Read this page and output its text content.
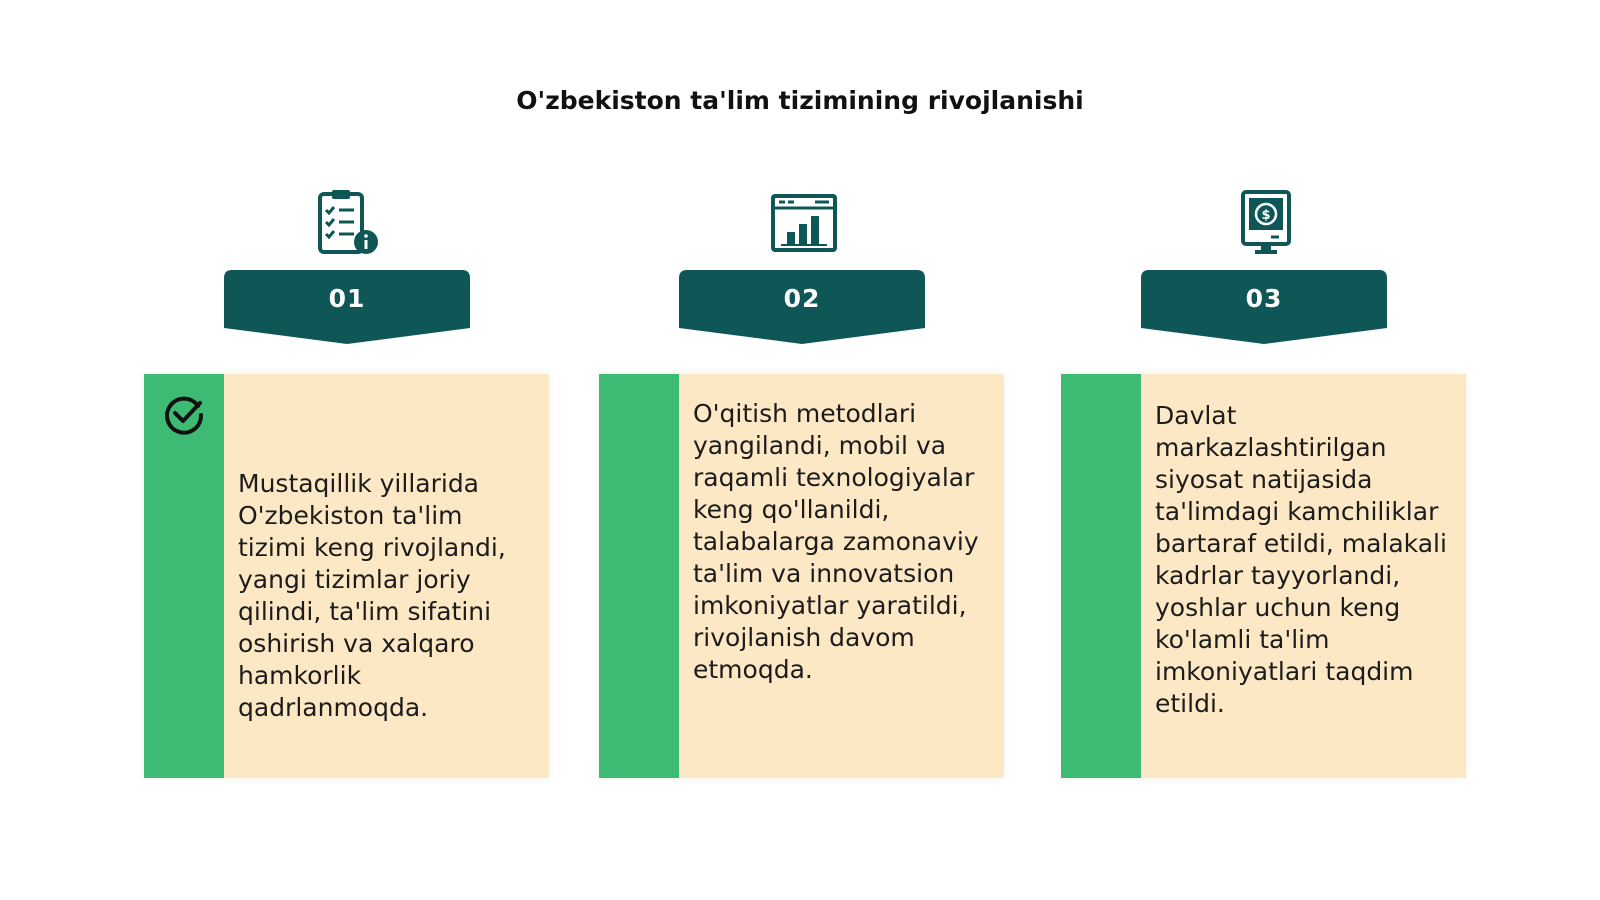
O'zbekiston ta'lim tizimining rivojlanishi
01
Mustaqillik yillarida O'zbekiston ta'lim tizimi keng rivojlandi, yangi tizimlar joriy qilindi, ta'lim sifatini oshirish va xalqaro hamkorlik qadrlanmoqda.
02
O'qitish metodlari yangilandi, mobil va raqamli texnologiyalar keng qo'llanildi, talabalarga zamonaviy ta'lim va innovatsion imkoniyatlar yaratildi, rivojlanish davom etmoqda.
$
03
Davlat markazlashtirilgan siyosat natijasida ta'limdagi kamchiliklar bartaraf etildi, malakali kadrlar tayyorlandi, yoshlar uchun keng ko'lamli ta'lim imkoniyatlari taqdim etildi.
